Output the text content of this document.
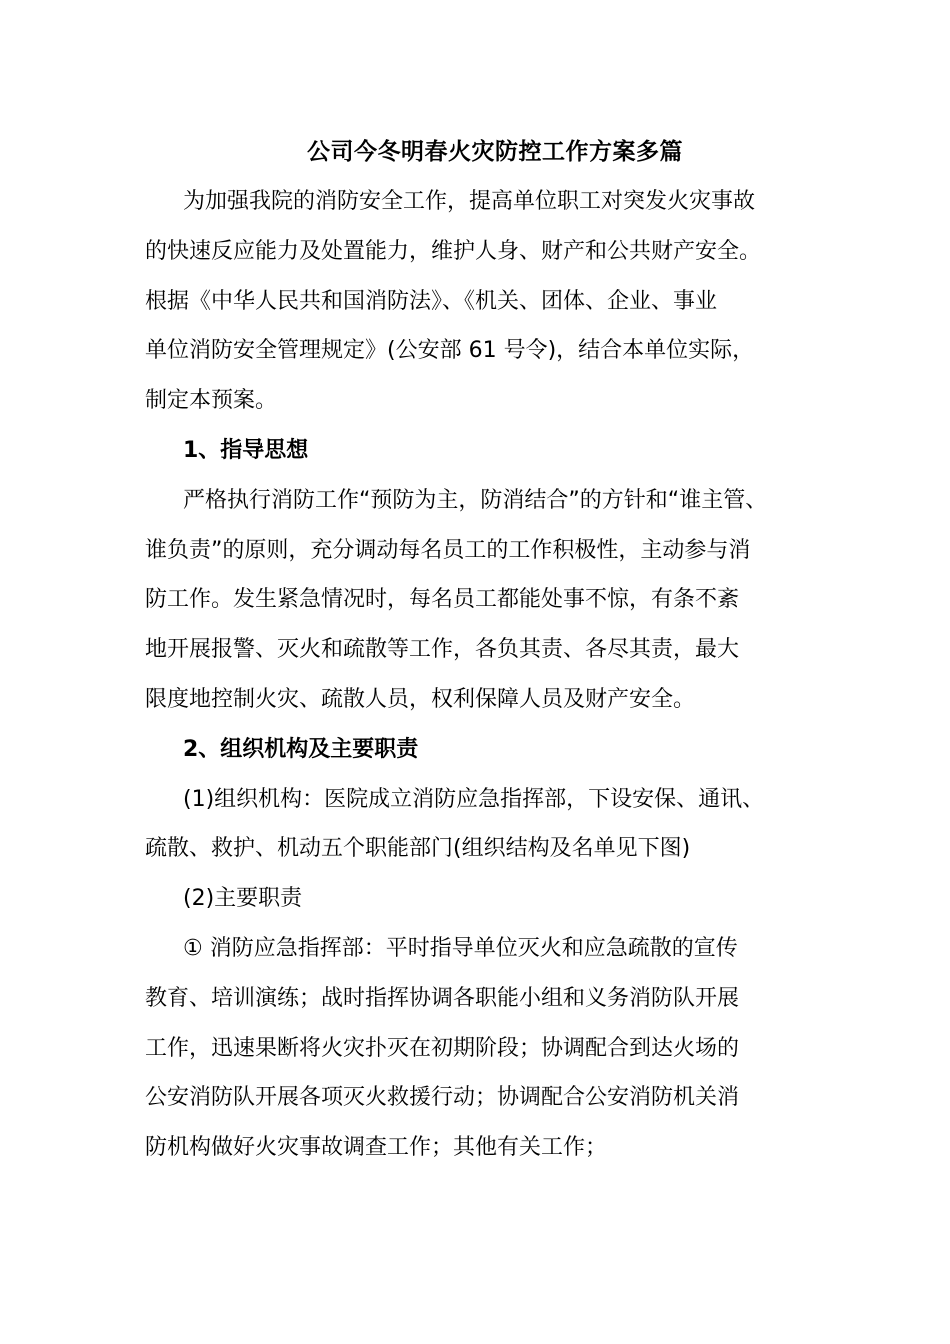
公司今冬明春火灾防控工作方案多篇
为加强我院的消防安全工作，提高单位职工对突发火灾事故
的快速反应能力及处置能力，维护人身、财产和公共财产安全。
根据《中华人民共和国消防法》、《机关、团体、企业、事业
单位消防安全管理规定》(公安部 61 号令)，结合本单位实际，
制定本预案。
1、指导思想
严格执行消防工作“预防为主，防消结合”的方针和“谁主管、
谁负责”的原则，充分调动每名员工的工作积极性，主动参与消
防工作。发生紧急情况时，每名员工都能处事不惊，有条不紊
地开展报警、灭火和疏散等工作，各负其责、各尽其责，最大
限度地控制火灾、疏散人员，权利保障人员及财产安全。
2、组织机构及主要职责
(1)组织机构：医院成立消防应急指挥部，下设安保、通讯、
疏散、救护、机动五个职能部门(组织结构及名单见下图)
(2)主要职责
① 消防应急指挥部：平时指导单位灭火和应急疏散的宣传
教育、培训演练；战时指挥协调各职能小组和义务消防队开展
工作，迅速果断将火灾扑灭在初期阶段；协调配合到达火场的
公安消防队开展各项灭火救援行动；协调配合公安消防机关消
防机构做好火灾事故调查工作；其他有关工作；
